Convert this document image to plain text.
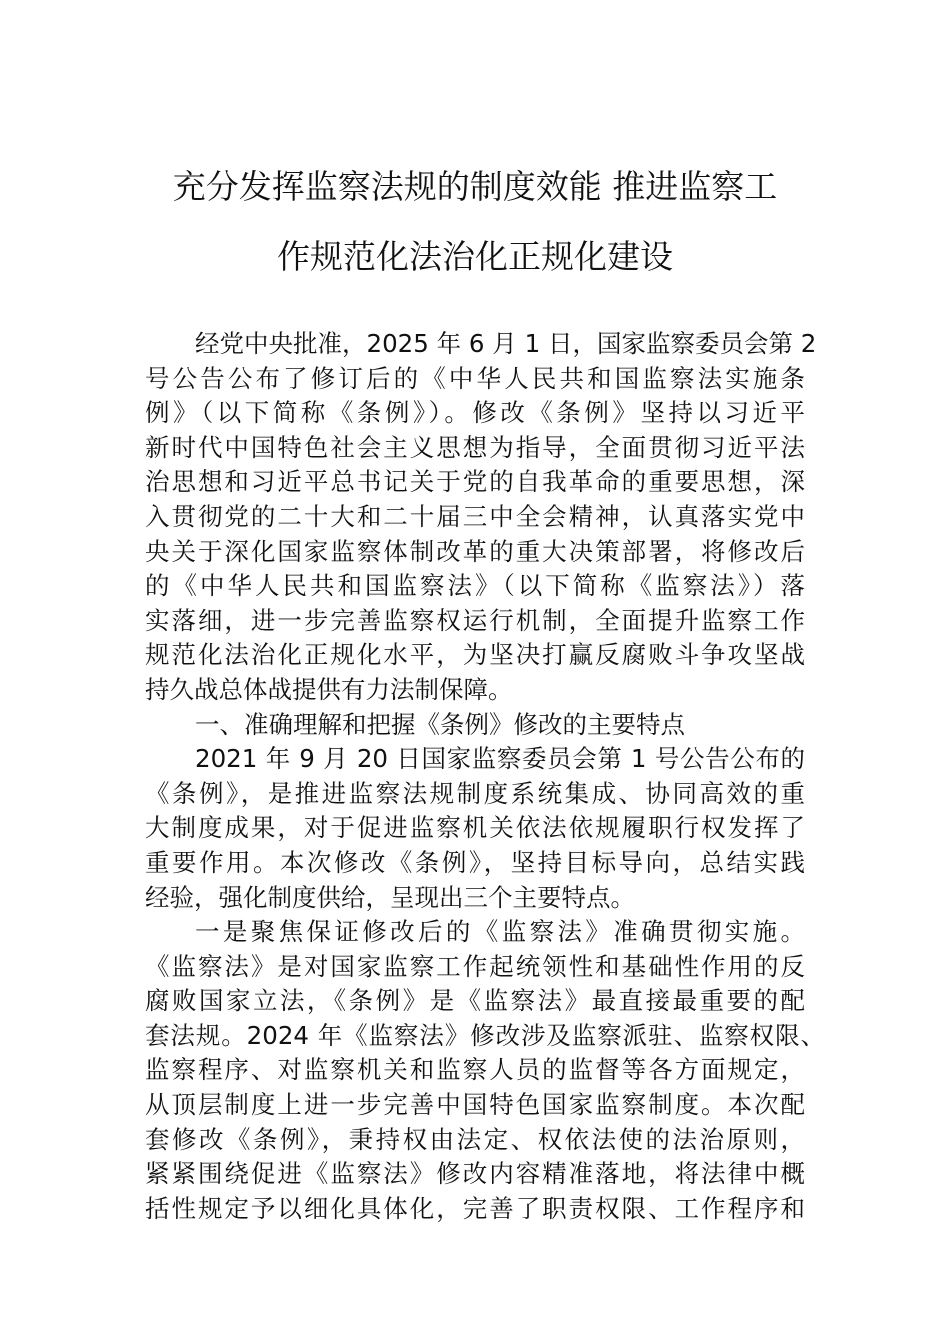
充分发挥监察法规的制度效能 推进监察工
作规范化法治化正规化建设
经党中央批准，2025 年 6 月 1 日，国家监察委员会第 2
号公告公布了修订后的《中华人民共和国监察法实施条
例》（以下简称《条例》）。修改《条例》坚持以习近平
新时代中国特色社会主义思想为指导，全面贯彻习近平法
治思想和习近平总书记关于党的自我革命的重要思想，深
入贯彻党的二十大和二十届三中全会精神，认真落实党中
央关于深化国家监察体制改革的重大决策部署，将修改后
的《中华人民共和国监察法》（以下简称《监察法》）落
实落细，进一步完善监察权运行机制，全面提升监察工作
规范化法治化正规化水平，为坚决打赢反腐败斗争攻坚战
持久战总体战提供有力法制保障。
一、准确理解和把握《条例》修改的主要特点
2021 年 9 月 20 日国家监察委员会第 1 号公告公布的
《条例》，是推进监察法规制度系统集成、协同高效的重
大制度成果，对于促进监察机关依法依规履职行权发挥了
重要作用。本次修改《条例》，坚持目标导向，总结实践
经验，强化制度供给，呈现出三个主要特点。
一是聚焦保证修改后的《监察法》准确贯彻实施。
《监察法》是对国家监察工作起统领性和基础性作用的反
腐败国家立法，《条例》是《监察法》最直接最重要的配
套法规。2024 年《监察法》修改涉及监察派驻、监察权限、
监察程序、对监察机关和监察人员的监督等各方面规定，
从顶层制度上进一步完善中国特色国家监察制度。本次配
套修改《条例》，秉持权由法定、权依法使的法治原则，
紧紧围绕促进《监察法》修改内容精准落地，将法律中概
括性规定予以细化具体化，完善了职责权限、工作程序和
